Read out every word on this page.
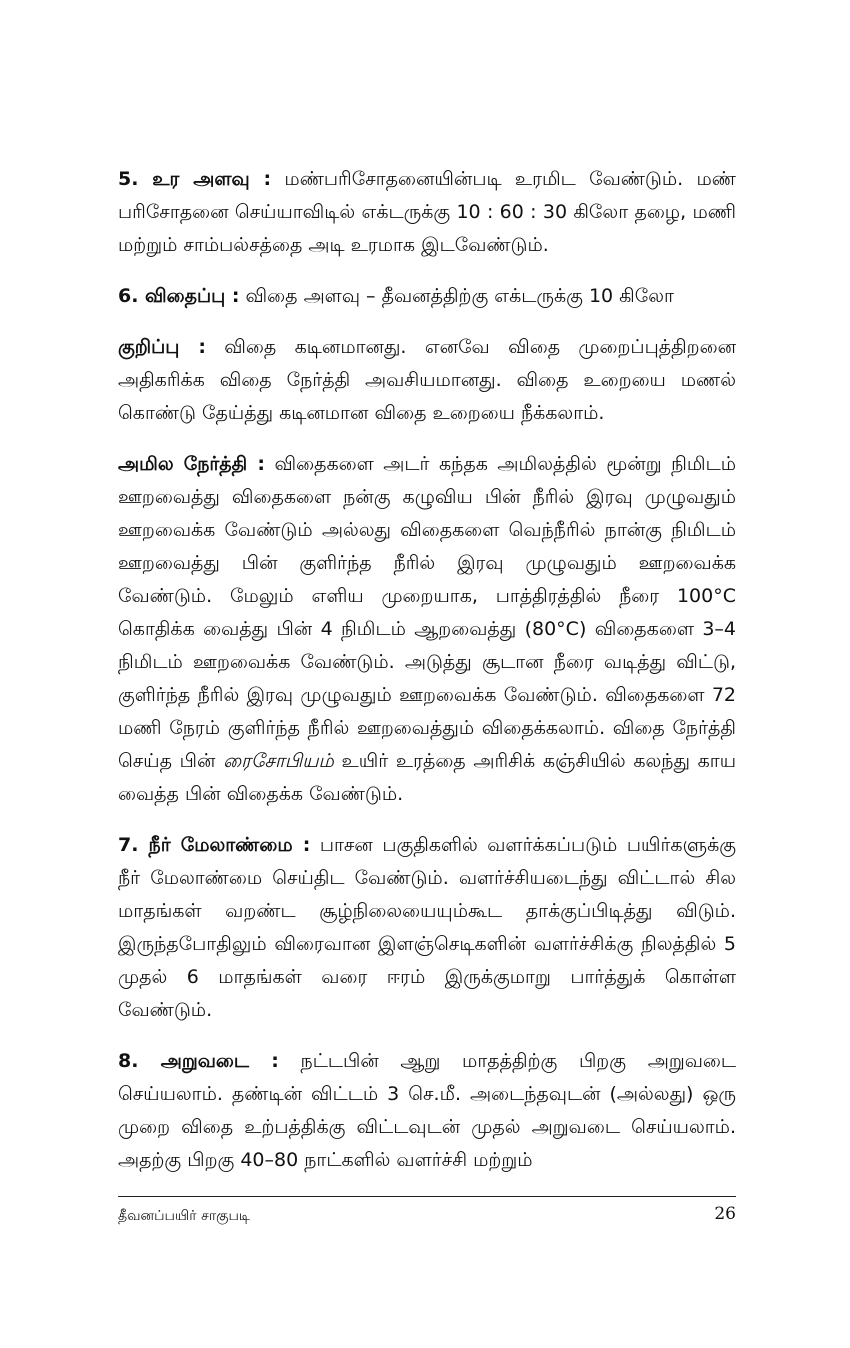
5. உர அளவு : மண்பரிசோதனையின்படி உரமிட வேண்டும். மண் பரிசோதனை செய்யாவிடில் எக்டருக்கு 10 : 60 : 30 கிலோ தழை, மணி மற்றும் சாம்பல்சத்தை அடி உரமாக இடவேண்டும்.

6. விதைப்பு : விதை அளவு – தீவனத்திற்கு எக்டருக்கு 10 கிலோ

குறிப்பு : விதை கடினமானது. எனவே விதை முறைப்புத்திறனை அதிகரிக்க விதை நேர்த்தி அவசியமானது. விதை உறையை மணல் கொண்டு தேய்த்து கடினமான விதை உறையை நீக்கலாம்.

அமில நேர்த்தி : விதைகளை அடர் கந்தக அமிலத்தில் மூன்று நிமிடம் ஊறவைத்து விதைகளை நன்கு கழுவிய பின் நீரில் இரவு முழுவதும் ஊறவைக்க வேண்டும் அல்லது விதைகளை வெந்நீரில் நான்கு நிமிடம் ஊறவைத்து பின் குளிர்ந்த நீரில் இரவு முழுவதும் ஊறவைக்க வேண்டும். மேலும் எளிய முறையாக, பாத்திரத்தில் நீரை 100°C கொதிக்க வைத்து பின் 4 நிமிடம் ஆறவைத்து (80°C) விதைகளை 3–4 நிமிடம் ஊறவைக்க வேண்டும். அடுத்து சூடான நீரை வடித்து விட்டு, குளிர்ந்த நீரில் இரவு முழுவதும் ஊறவைக்க வேண்டும். விதைகளை 72 மணி நேரம் குளிர்ந்த நீரில் ஊறவைத்தும் விதைக்கலாம். விதை நேர்த்தி செய்த பின் ரைசோபியம் உயிர் உரத்தை அரிசிக் கஞ்சியில் கலந்து காய வைத்த பின் விதைக்க வேண்டும்.

7. நீர் மேலாண்மை : பாசன பகுதிகளில் வளர்க்கப்படும் பயிர்களுக்கு நீர் மேலாண்மை செய்திட வேண்டும். வளர்ச்சியடைந்து விட்டால் சில மாதங்கள் வறண்ட சூழ்நிலையையும்கூட தாக்குப்பிடித்து விடும். இருந்தபோதிலும் விரைவான இளஞ்செடிகளின் வளர்ச்சிக்கு நிலத்தில் 5 முதல் 6 மாதங்கள் வரை ஈரம் இருக்குமாறு பார்த்துக் கொள்ள வேண்டும்.

8. அறுவடை : நட்டபின் ஆறு மாதத்திற்கு பிறகு அறுவடை செய்யலாம். தண்டின் விட்டம் 3 செ.மீ. அடைந்தவுடன் (அல்லது) ஒரு முறை விதை உற்பத்திக்கு விட்டவுடன் முதல் அறுவடை செய்யலாம். அதற்கு பிறகு 40–80 நாட்களில் வளர்ச்சி மற்றும்

தீவனப்பயிர் சாகுபடி	26
